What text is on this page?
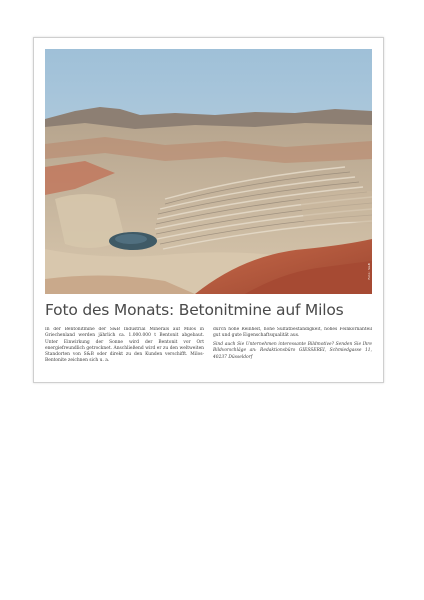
Foto: S&B
Foto des Monats: Betonitmine auf Milos

In der Bentonitmine der S&B Industrial Minerals auf Milos in Griechenland werden jährlich ca. 1.000.000 t Bentonit abgebaut. Unter Einwirkung der Sonne wird der Bentonit vor Ort energiefreundlich getrocknet. Anschließend wird er zu den weltweiten Standorten von S&B oder direkt zu den Kunden verschifft. Milos-Bentonite zeichnen sich u. a.

durch hohe Reinheit, hohe Sulfatbeständigkeit, hohes Feinkornanteil gut und gute Eigenschaftsqualität aus.

Sind auch Sie Unternehmen interessante Bildmotive? Senden Sie Ihre Bildvorschläge an: Redaktionsbüro GIESSEREI, Schmiedgasse 11, 40237 Düsseldorf
